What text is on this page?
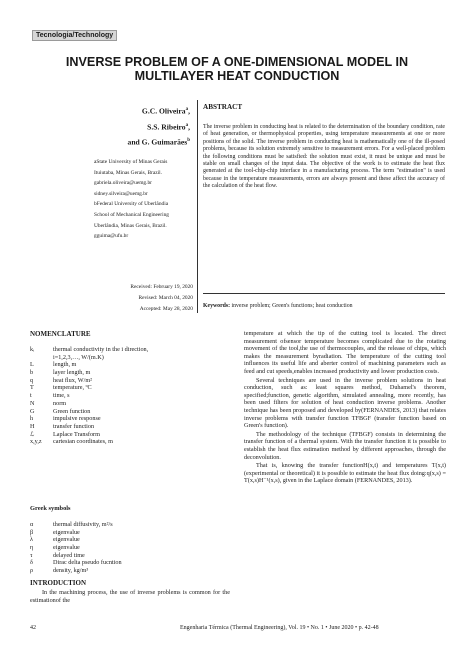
Tecnologia/Technology
INVERSE PROBLEM OF A ONE-DIMENSIONAL MODEL IN
MULTILAYER HEAT CONDUCTION
G.C. Oliveira$^a$,
S.S. Ribeiro$^a$,
and G. Guimarães$^b$
aState University of Minas Gerais
Ituiutaba, Minas Gerais, Brazil.
gabriela.oliveira@uemg.br
sidney.silveira@uemg.br
bFederal University of Uberlândia
School of Mechanical Engineering
Uberlândia, Minas Gerais, Brazil.
gguima@ufu.br
Received: February 19, 2020
Revised: March 04, 2020
Accepted: May 28, 2020
ABSTRACT
The inverse problem in conducting heat is related to the determination of the boundary condition, rate of heat generation, or thermophysical properties, using temperature measurements at one or more positions of the solid. The inverse problem in conducting heat is mathematically one of the ill-posed problems, because its solution extremely sensitive to measurement errors. For a well-placed problem the following conditions must be satisfied: the solution must exist, it must be unique and must be stable on small changes of the input data. The objective of the work is to estimate the heat flux generated at the tool-chip-chip interface in a manufacturing process. The term "estimation" is used because in the temperature measurements, errors are always present and these affect the accuracy of the calculation of the heat flow.
Keywords: inverse problem; Green's functions; heat conduction
NOMENCLATURE
kᵢ	thermal conductivity in the i direction,
i=1,2,3,…, W/(m.K)
L	length, m
b	layer length, m
q	heat flux, W/m²
T	temperature, ºC
t	time, s
N	norm
G	Green function
h	impulsive response
H	transfer function
ℒ	Laplace Transform
x,y,z	cartesian coordinates, m
Greek symbols
α	thermal diffusivity, m²/s
β	eigenvalue
λ	eigenvalue
η	eigenvalue
τ	delayed time
δ	Dirac delta pseudo fucntion
ρ	density, kg/m³
INTRODUCTION
In the machining process, the use of inverse problems is common for the estimationof the

temperature at which the tip of the cutting tool is located. The direct measurement ofsensor temperature becomes complicated due to the rotating movement of the tool,the use of thermocouples, and the release of chips, which makes the measurement byradiation. The temperature of the cutting tool influences its useful life and aberter control of machining parameters such as feed and cut speeds,enables increased productivity and lower production costs.

Several techniques are used in the inverse problem solutions in heat conduction, such as: least squares method, Duhamel's theorem, specified;function, genetic algorithm, simulated annealing, more recently, has been used filters for solution of heat conduction inverse problems. Another technique has been proposed and developed by(FERNANDES, 2013) that relates inverse problems with transfer function TFBGF (transfer function based on Green's function).

The methodology of the technique (TFBGF) consists in determining the transfer function of a thermal system. With the transfer function it is possible to establish the heat flux estimation method by different approaches, through the deconvolution.

That is, knowing the transfer functionH(x,t) and temperatures T(x,t) (experimental or theoretical) it is possible to estimate the heat flux doing:q(x,s) = T(x,s)H⁻¹(x,s), given in the Laplace domain (FERNANDES, 2013).

42	Engenharia Térmica (Thermal Engineering), Vol. 19 • No. 1 • June 2020 • p. 42-48
